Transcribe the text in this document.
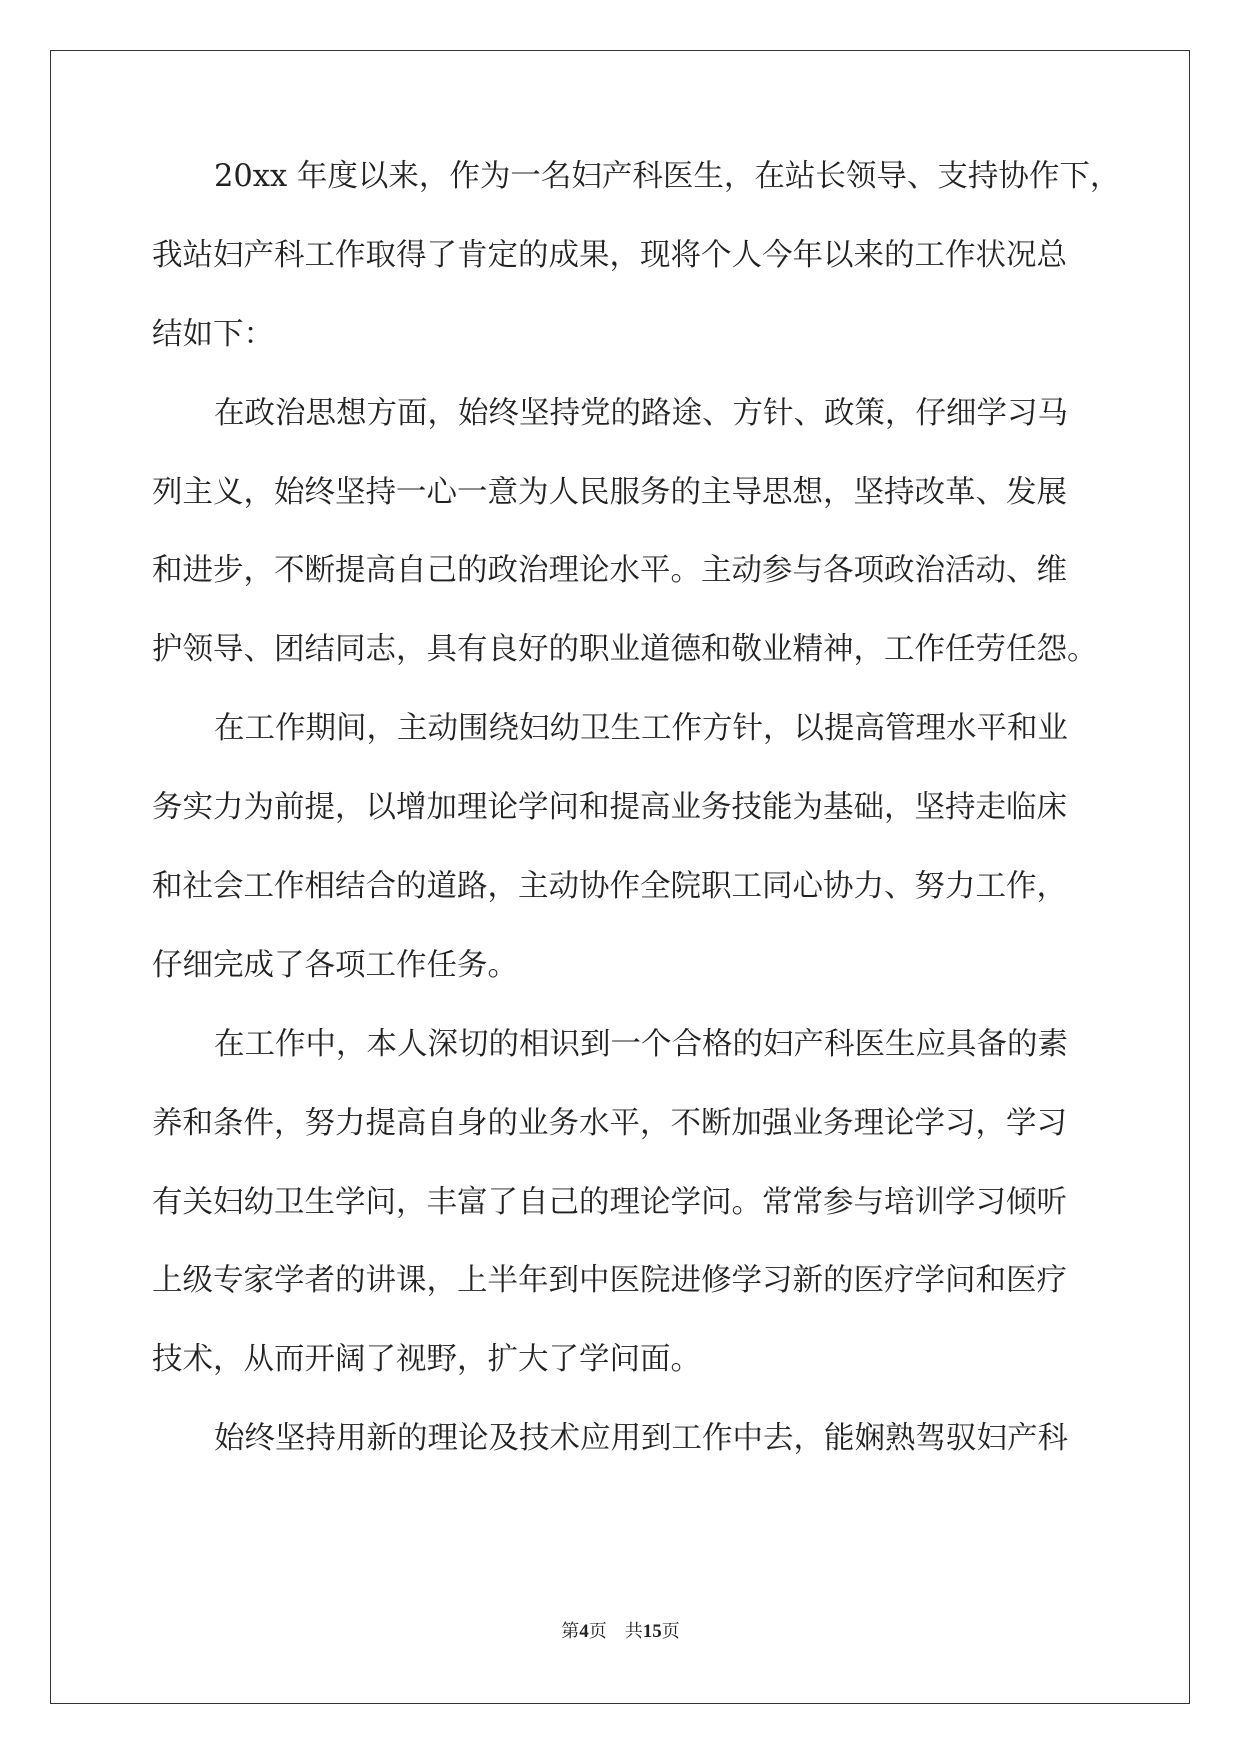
20xx 年度以来，作为一名妇产科医生，在站长领导、支持协作下，
我站妇产科工作取得了肯定的成果，现将个人今年以来的工作状况总
结如下：
在政治思想方面，始终坚持党的路途、方针、政策，仔细学习马
列主义，始终坚持一心一意为人民服务的主导思想，坚持改革、发展
和进步，不断提高自己的政治理论水平。主动参与各项政治活动、维
护领导、团结同志，具有良好的职业道德和敬业精神，工作任劳任怨。
在工作期间，主动围绕妇幼卫生工作方针，以提高管理水平和业
务实力为前提，以增加理论学问和提高业务技能为基础，坚持走临床
和社会工作相结合的道路，主动协作全院职工同心协力、努力工作，
仔细完成了各项工作任务。
在工作中，本人深切的相识到一个合格的妇产科医生应具备的素
养和条件，努力提高自身的业务水平，不断加强业务理论学习，学习
有关妇幼卫生学问，丰富了自己的理论学问。常常参与培训学习倾听
上级专家学者的讲课，上半年到中医院进修学习新的医疗学问和医疗
技术，从而开阔了视野，扩大了学问面。
始终坚持用新的理论及技术应用到工作中去，能娴熟驾驭妇产科
第4页 共15页
